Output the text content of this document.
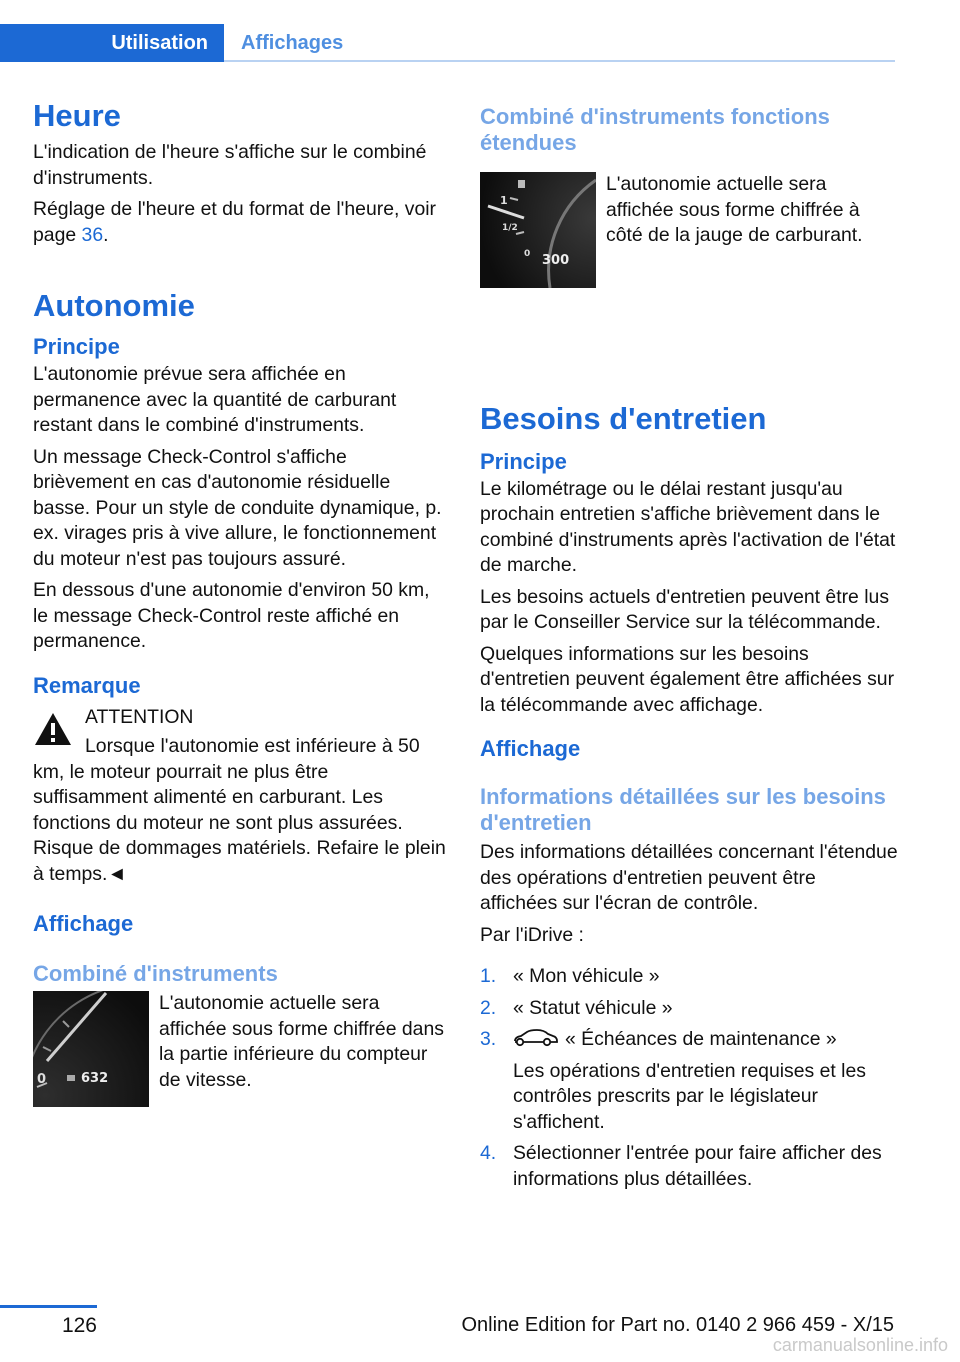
Utilisation	Affichages
Heure

L'indication de l'heure s'affiche sur le combiné d'instruments.

Réglage de l'heure et du format de l'heure, voir page 36.

Autonomie
Principe

L'autonomie prévue sera affichée en permanence avec la quantité de carburant restant dans le combiné d'instruments.

Un message Check-Control s'affiche brièvement en cas d'autonomie résiduelle basse. Pour un style de conduite dynamique, p. ex. virages pris à vive allure, le fonctionnement du moteur n'est pas toujours assuré.

En dessous d'une autonomie d'environ 50 km, le message Check-Control reste affiché en permanence.

Remarque

ATTENTION

Lorsque l'autonomie est inférieure à 50 km, le moteur pourrait ne plus être suffisamment alimenté en carburant. Les fonctions du moteur ne sont plus assurées. Risque de dommages matériels. Refaire le plein à temps.◄

Affichage
Combiné d'instruments
0	632

L'autonomie actuelle sera affichée sous forme chiffrée dans la partie inférieure du compteur de vitesse.

Combiné d'instruments fonctions étendues
1
1/2
0 300

L'autonomie actuelle sera affichée sous forme chiffrée à côté de la jauge de carburant.

Besoins d'entretien
Principe

Le kilométrage ou le délai restant jusqu'au prochain entretien s'affiche brièvement dans le combiné d'instruments après l'activation de l'état de marche.

Les besoins actuels d'entretien peuvent être lus par le Conseiller Service sur la télécommande.

Quelques informations sur les besoins d'entretien peuvent également être affichées sur la télécommande avec affichage.

Affichage
Informations détaillées sur les besoins d'entretien

Des informations détaillées concernant l'étendue des opérations d'entretien peuvent être affichées sur l'écran de contrôle.

Par l'iDrive :

1. « Mon véhicule »
2. « Statut véhicule »
3.	« Échéances de maintenance »
Les opérations d'entretien requises et les contrôles prescrits par le législateur s'affichent.
4. Sélectionner l'entrée pour faire afficher des informations plus détaillées.
126	Online Edition for Part no. 0140 2 966 459 - X/15
carmanualsonline.info
